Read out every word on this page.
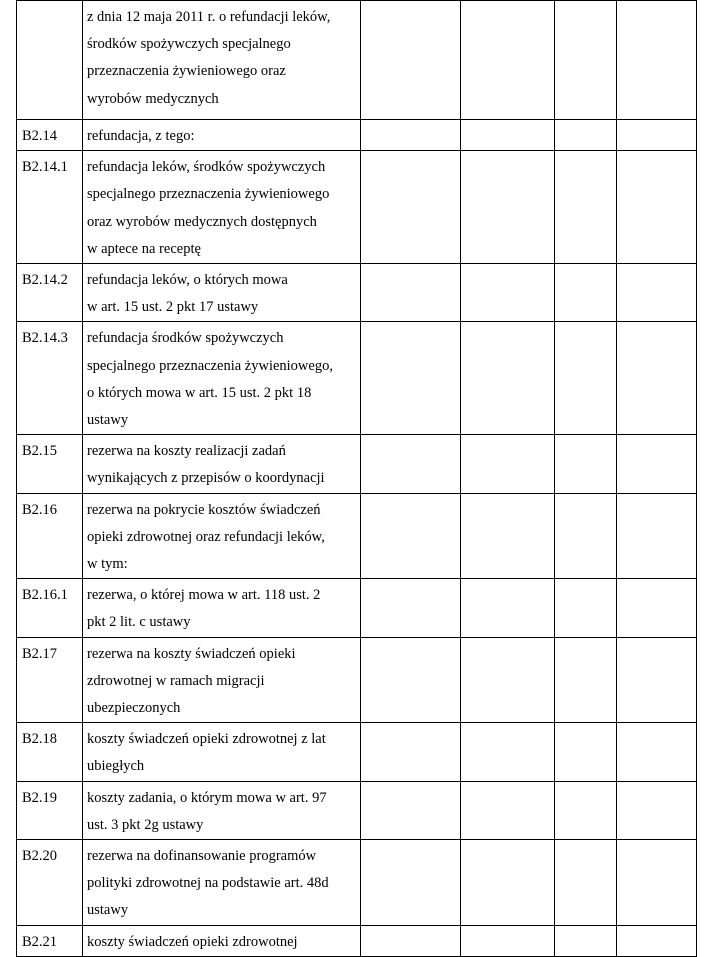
	z dnia 12 maja 2011 r. o refundacji leków,
środków spożywczych specjalnego
przeznaczenia żywieniowego oraz
wyrobów medycznych				
B2.14	refundacja, z tego:				
B2.14.1	refundacja leków, środków spożywczych
specjalnego przeznaczenia żywieniowego
oraz wyrobów medycznych dostępnych
w aptece na receptę				
B2.14.2	refundacja leków, o których mowa
w art. 15 ust. 2 pkt 17 ustawy				
B2.14.3	refundacja środków spożywczych
specjalnego przeznaczenia żywieniowego,
o których mowa w art. 15 ust. 2 pkt 18
ustawy				
B2.15	rezerwa na koszty realizacji zadań
wynikających z przepisów o koordynacji				
B2.16	rezerwa na pokrycie kosztów świadczeń
opieki zdrowotnej oraz refundacji leków,
w tym:				
B2.16.1	rezerwa, o której mowa w art. 118 ust. 2
pkt 2 lit. c ustawy				
B2.17	rezerwa na koszty świadczeń opieki
zdrowotnej w ramach migracji
ubezpieczonych				
B2.18	koszty świadczeń opieki zdrowotnej z lat
ubiegłych				
B2.19	koszty zadania, o którym mowa w art. 97
ust. 3 pkt 2g ustawy				
B2.20	rezerwa na dofinansowanie programów
polityki zdrowotnej na podstawie art. 48d
ustawy				
B2.21	koszty świadczeń opieki zdrowotnej				
